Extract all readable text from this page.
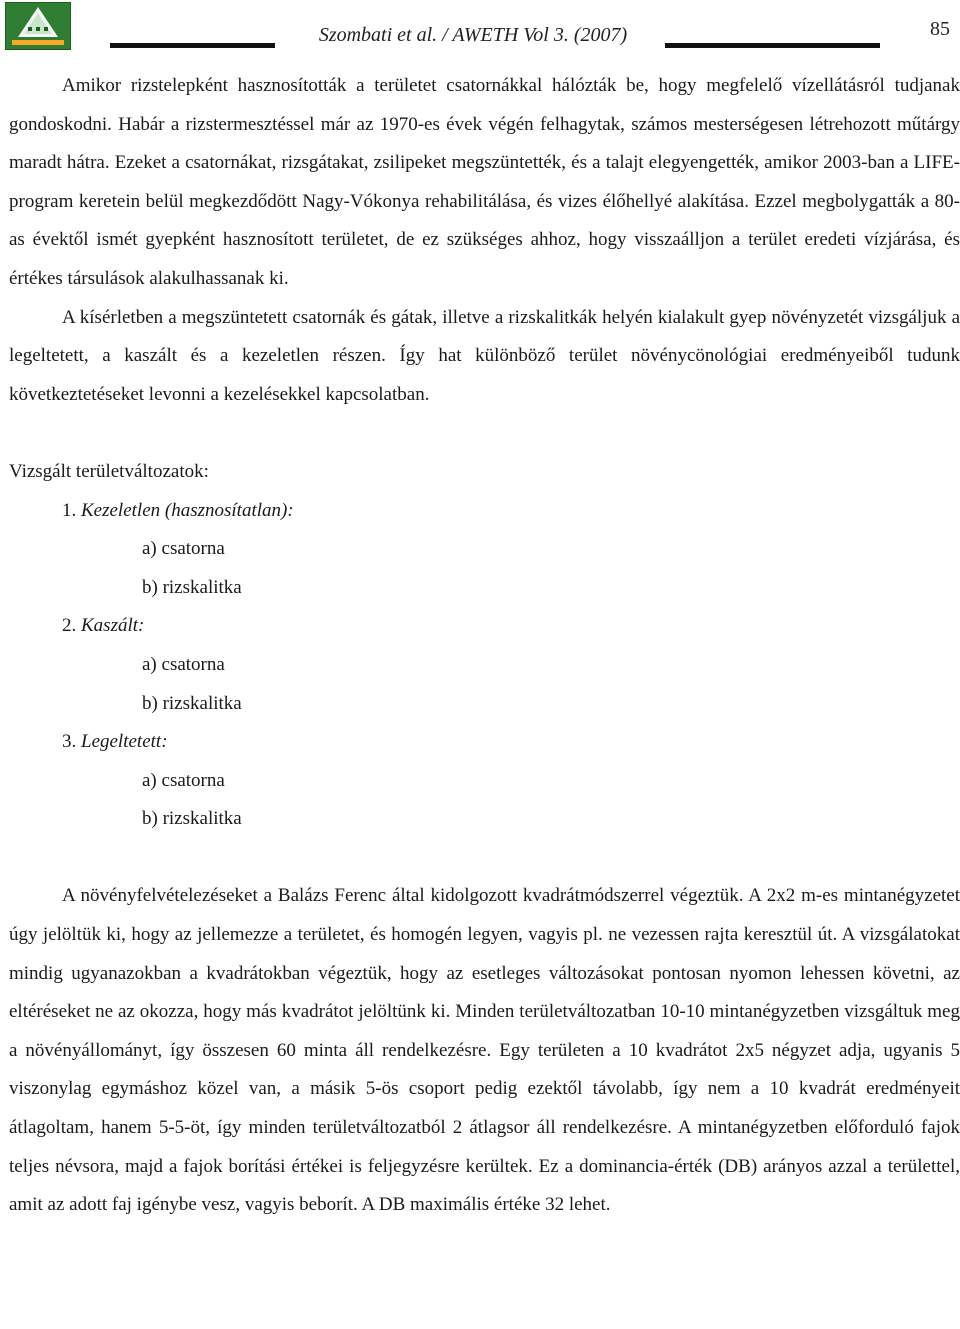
Szombati et al. / AWETH Vol 3. (2007)	85

Amikor rizstelepként hasznosították a területet csatornákkal hálózták be, hogy megfelelő vízellátásról tudjanak gondoskodni. Habár a rizstermesztéssel már az 1970-es évek végén felhagytak, számos mesterségesen létrehozott műtárgy maradt hátra. Ezeket a csatornákat, rizsgátakat, zsilipeket megszüntették, és a talajt elegyengették, amikor 2003-ban a LIFE-program keretein belül megkezdődött Nagy-Vókonya rehabilitálása, és vizes élőhellyé alakítása. Ezzel megbolygatták a 80-as évektől ismét gyepként hasznosított területet, de ez szükséges ahhoz, hogy visszaálljon a terület eredeti vízjárása, és értékes társulások alakulhassanak ki.

A kísérletben a megszüntetett csatornák és gátak, illetve a rizskalitkák helyén kialakult gyep növényzetét vizsgáljuk a legeltetett, a kaszált és a kezeletlen részen. Így hat különböző terület növénycönológiai eredményeiből tudunk következtetéseket levonni a kezelésekkel kapcsolatban.

Vizsgált területváltozatok:
1. Kezeletlen (hasznosítatlan):
a) csatorna
b) rizskalitka
2. Kaszált:
a) csatorna
b) rizskalitka
3. Legeltetett:
a) csatorna
b) rizskalitka

A növényfelvételezéseket a Balázs Ferenc által kidolgozott kvadrátmódszerrel végeztük. A 2x2 m-es mintanégyzetet úgy jelöltük ki, hogy az jellemezze a területet, és homogén legyen, vagyis pl. ne vezessen rajta keresztül út. A vizsgálatokat mindig ugyanazokban a kvadrátokban végeztük, hogy az esetleges változásokat pontosan nyomon lehessen követni, az eltéréseket ne az okozza, hogy más kvadrátot jelöltünk ki. Minden területváltozatban 10-10 mintanégyzetben vizsgáltuk meg a növényállományt, így összesen 60 minta áll rendelkezésre. Egy területen a 10 kvadrátot 2x5 négyzet adja, ugyanis 5 viszonylag egymáshoz közel van, a másik 5-ös csoport pedig ezektől távolabb, így nem a 10 kvadrát eredményeit átlagoltam, hanem 5-5-öt, így minden területváltozatból 2 átlagsor áll rendelkezésre. A mintanégyzetben előforduló fajok teljes névsora, majd a fajok borítási értékei is feljegyzésre kerültek. Ez a dominancia-érték (DB) arányos azzal a területtel, amit az adott faj igénybe vesz, vagyis beborít. A DB maximális értéke 32 lehet.
